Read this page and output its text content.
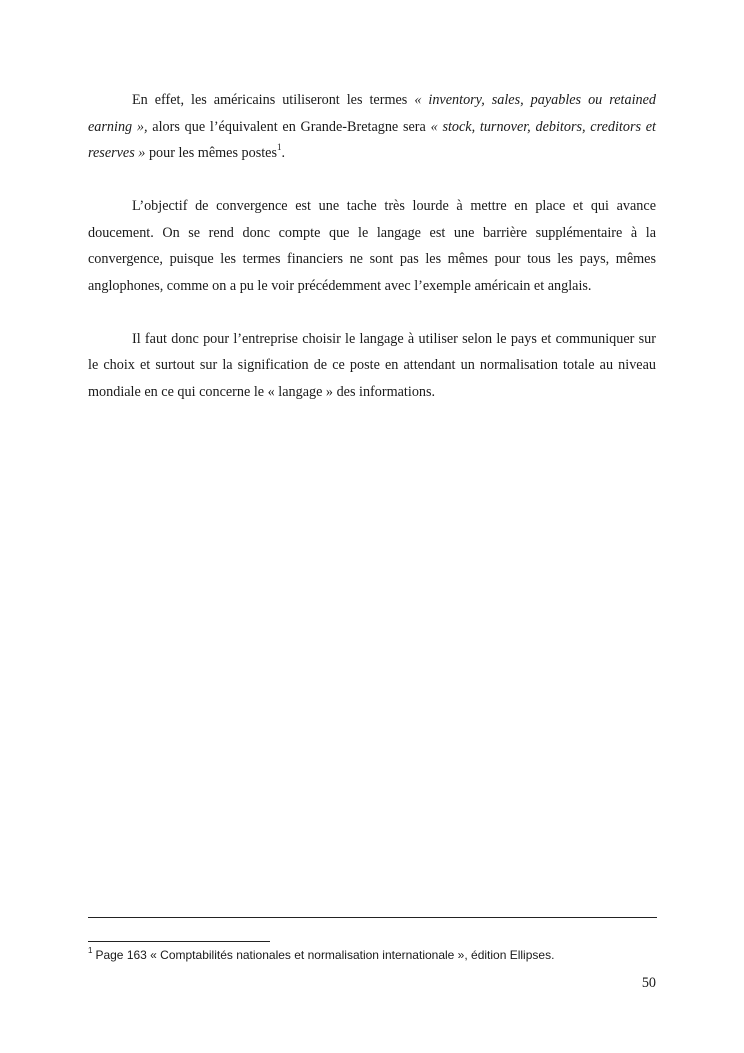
En effet, les américains utiliseront les termes « inventory, sales, payables ou retained earning », alors que l’équivalent en Grande-Bretagne sera « stock, turnover, debitors, creditors et reserves » pour les mêmes postes$^1$.

L’objectif de convergence est une tache très lourde à mettre en place et qui avance doucement. On se rend donc compte que le langage est une barrière supplémentaire à la convergence, puisque les termes financiers ne sont pas les mêmes pour tous les pays, mêmes anglophones, comme on a pu le voir précédemment avec l’exemple américain et anglais.

Il faut donc pour l’entreprise choisir le langage à utiliser selon le pays et communiquer sur le choix et surtout sur la signification de ce poste en attendant un normalisation totale au niveau mondiale en ce qui concerne le « langage » des informations.

$^1$ Page 163 « Comptabilités nationales et normalisation internationale », édition Ellipses.
50
